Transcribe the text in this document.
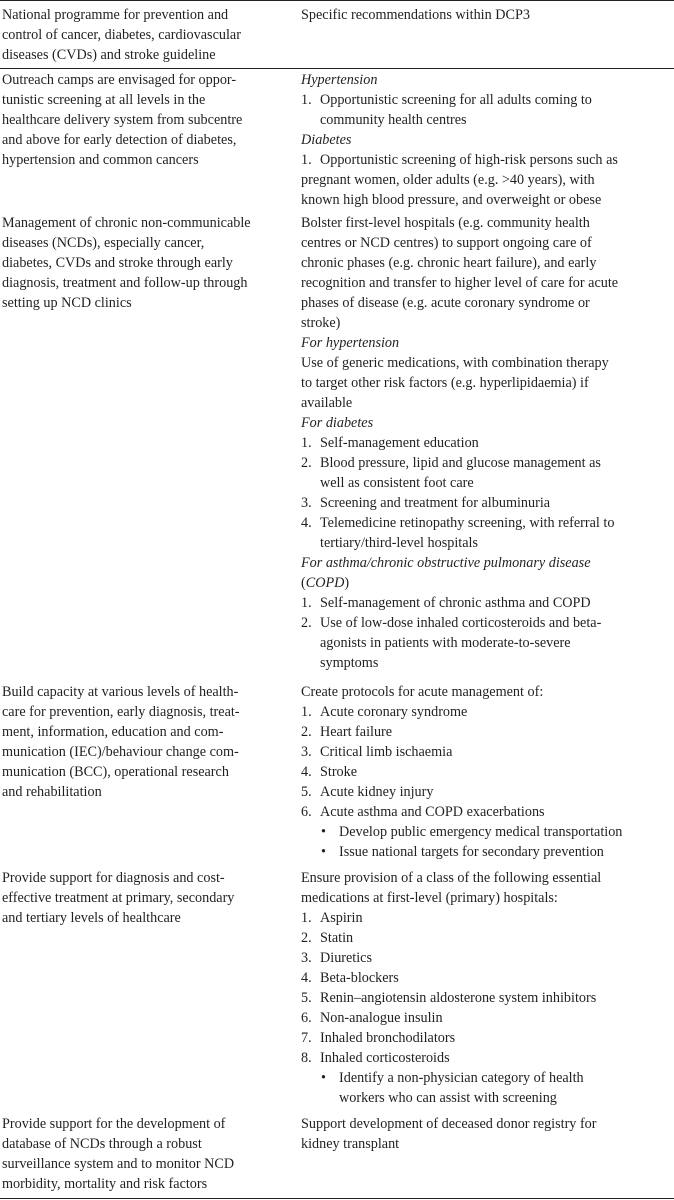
National programme for prevention and
control of cancer, diabetes, cardiovascular
diseases (CVDs) and stroke guideline
Specific recommendations within DCP3
Outreach camps are envisaged for oppor-
tunistic screening at all levels in the
healthcare delivery system from subcentre
and above for early detection of diabetes,
hypertension and common cancers
Hypertension
1. Opportunistic screening for all adults coming to
community health centres
Diabetes
1. Opportunistic screening of high-risk persons such as
pregnant women, older adults (e.g. >40 years), with
known high blood pressure, and overweight or obese
Management of chronic non-communicable
diseases (NCDs), especially cancer,
diabetes, CVDs and stroke through early
diagnosis, treatment and follow-up through
setting up NCD clinics
Bolster first-level hospitals (e.g. community health
centres or NCD centres) to support ongoing care of
chronic phases (e.g. chronic heart failure), and early
recognition and transfer to higher level of care for acute
phases of disease (e.g. acute coronary syndrome or
stroke)
For hypertension
Use of generic medications, with combination therapy
to target other risk factors (e.g. hyperlipidaemia) if
available
For diabetes
1. Self-management education
2. Blood pressure, lipid and glucose management as
well as consistent foot care
3. Screening and treatment for albuminuria
4. Telemedicine retinopathy screening, with referral to
tertiary/third-level hospitals
For asthma/chronic obstructive pulmonary disease
(COPD)
1. Self-management of chronic asthma and COPD
2. Use of low-dose inhaled corticosteroids and beta-
agonists in patients with moderate-to-severe
symptoms
Build capacity at various levels of health-
care for prevention, early diagnosis, treat-
ment, information, education and com-
munication (IEC)/behaviour change com-
munication (BCC), operational research
and rehabilitation
Create protocols for acute management of:
1. Acute coronary syndrome
2. Heart failure
3. Critical limb ischaemia
4. Stroke
5. Acute kidney injury
6. Acute asthma and COPD exacerbations
• Develop public emergency medical transportation
• Issue national targets for secondary prevention
Provide support for diagnosis and cost-
effective treatment at primary, secondary
and tertiary levels of healthcare
Ensure provision of a class of the following essential
medications at first-level (primary) hospitals:
1. Aspirin
2. Statin
3. Diuretics
4. Beta-blockers
5. Renin–angiotensin aldosterone system inhibitors
6. Non-analogue insulin
7. Inhaled bronchodilators
8. Inhaled corticosteroids
• Identify a non-physician category of health
workers who can assist with screening
Provide support for the development of
database of NCDs through a robust
surveillance system and to monitor NCD
morbidity, mortality and risk factors
Support development of deceased donor registry for
kidney transplant
